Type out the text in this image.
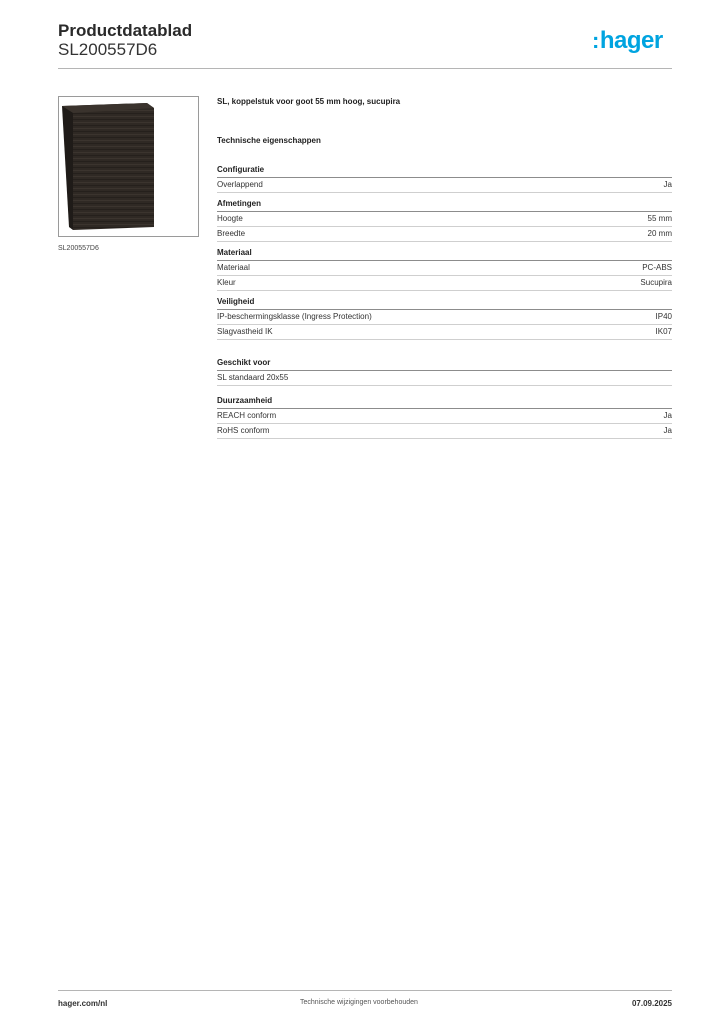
Productdatablad
SL200557D6	:hager
SL200557D6
SL, koppelstuk voor goot 55 mm hoog, sucupira
Technische eigenschappen
Configuratie
Overlappend	Ja
Afmetingen
Hoogte	55 mm
Breedte	20 mm
Materiaal
Materiaal	PC-ABS
Kleur	Sucupira
Veiligheid
IP-beschermingsklasse (Ingress Protection)	IP40
Slagvastheid IK	IK07
Geschikt voor
SL standaard 20x55
Duurzaamheid
REACH conform	Ja
RoHS conform	Ja
hager.com/nl	Technische wijzigingen voorbehouden	07.09.2025
